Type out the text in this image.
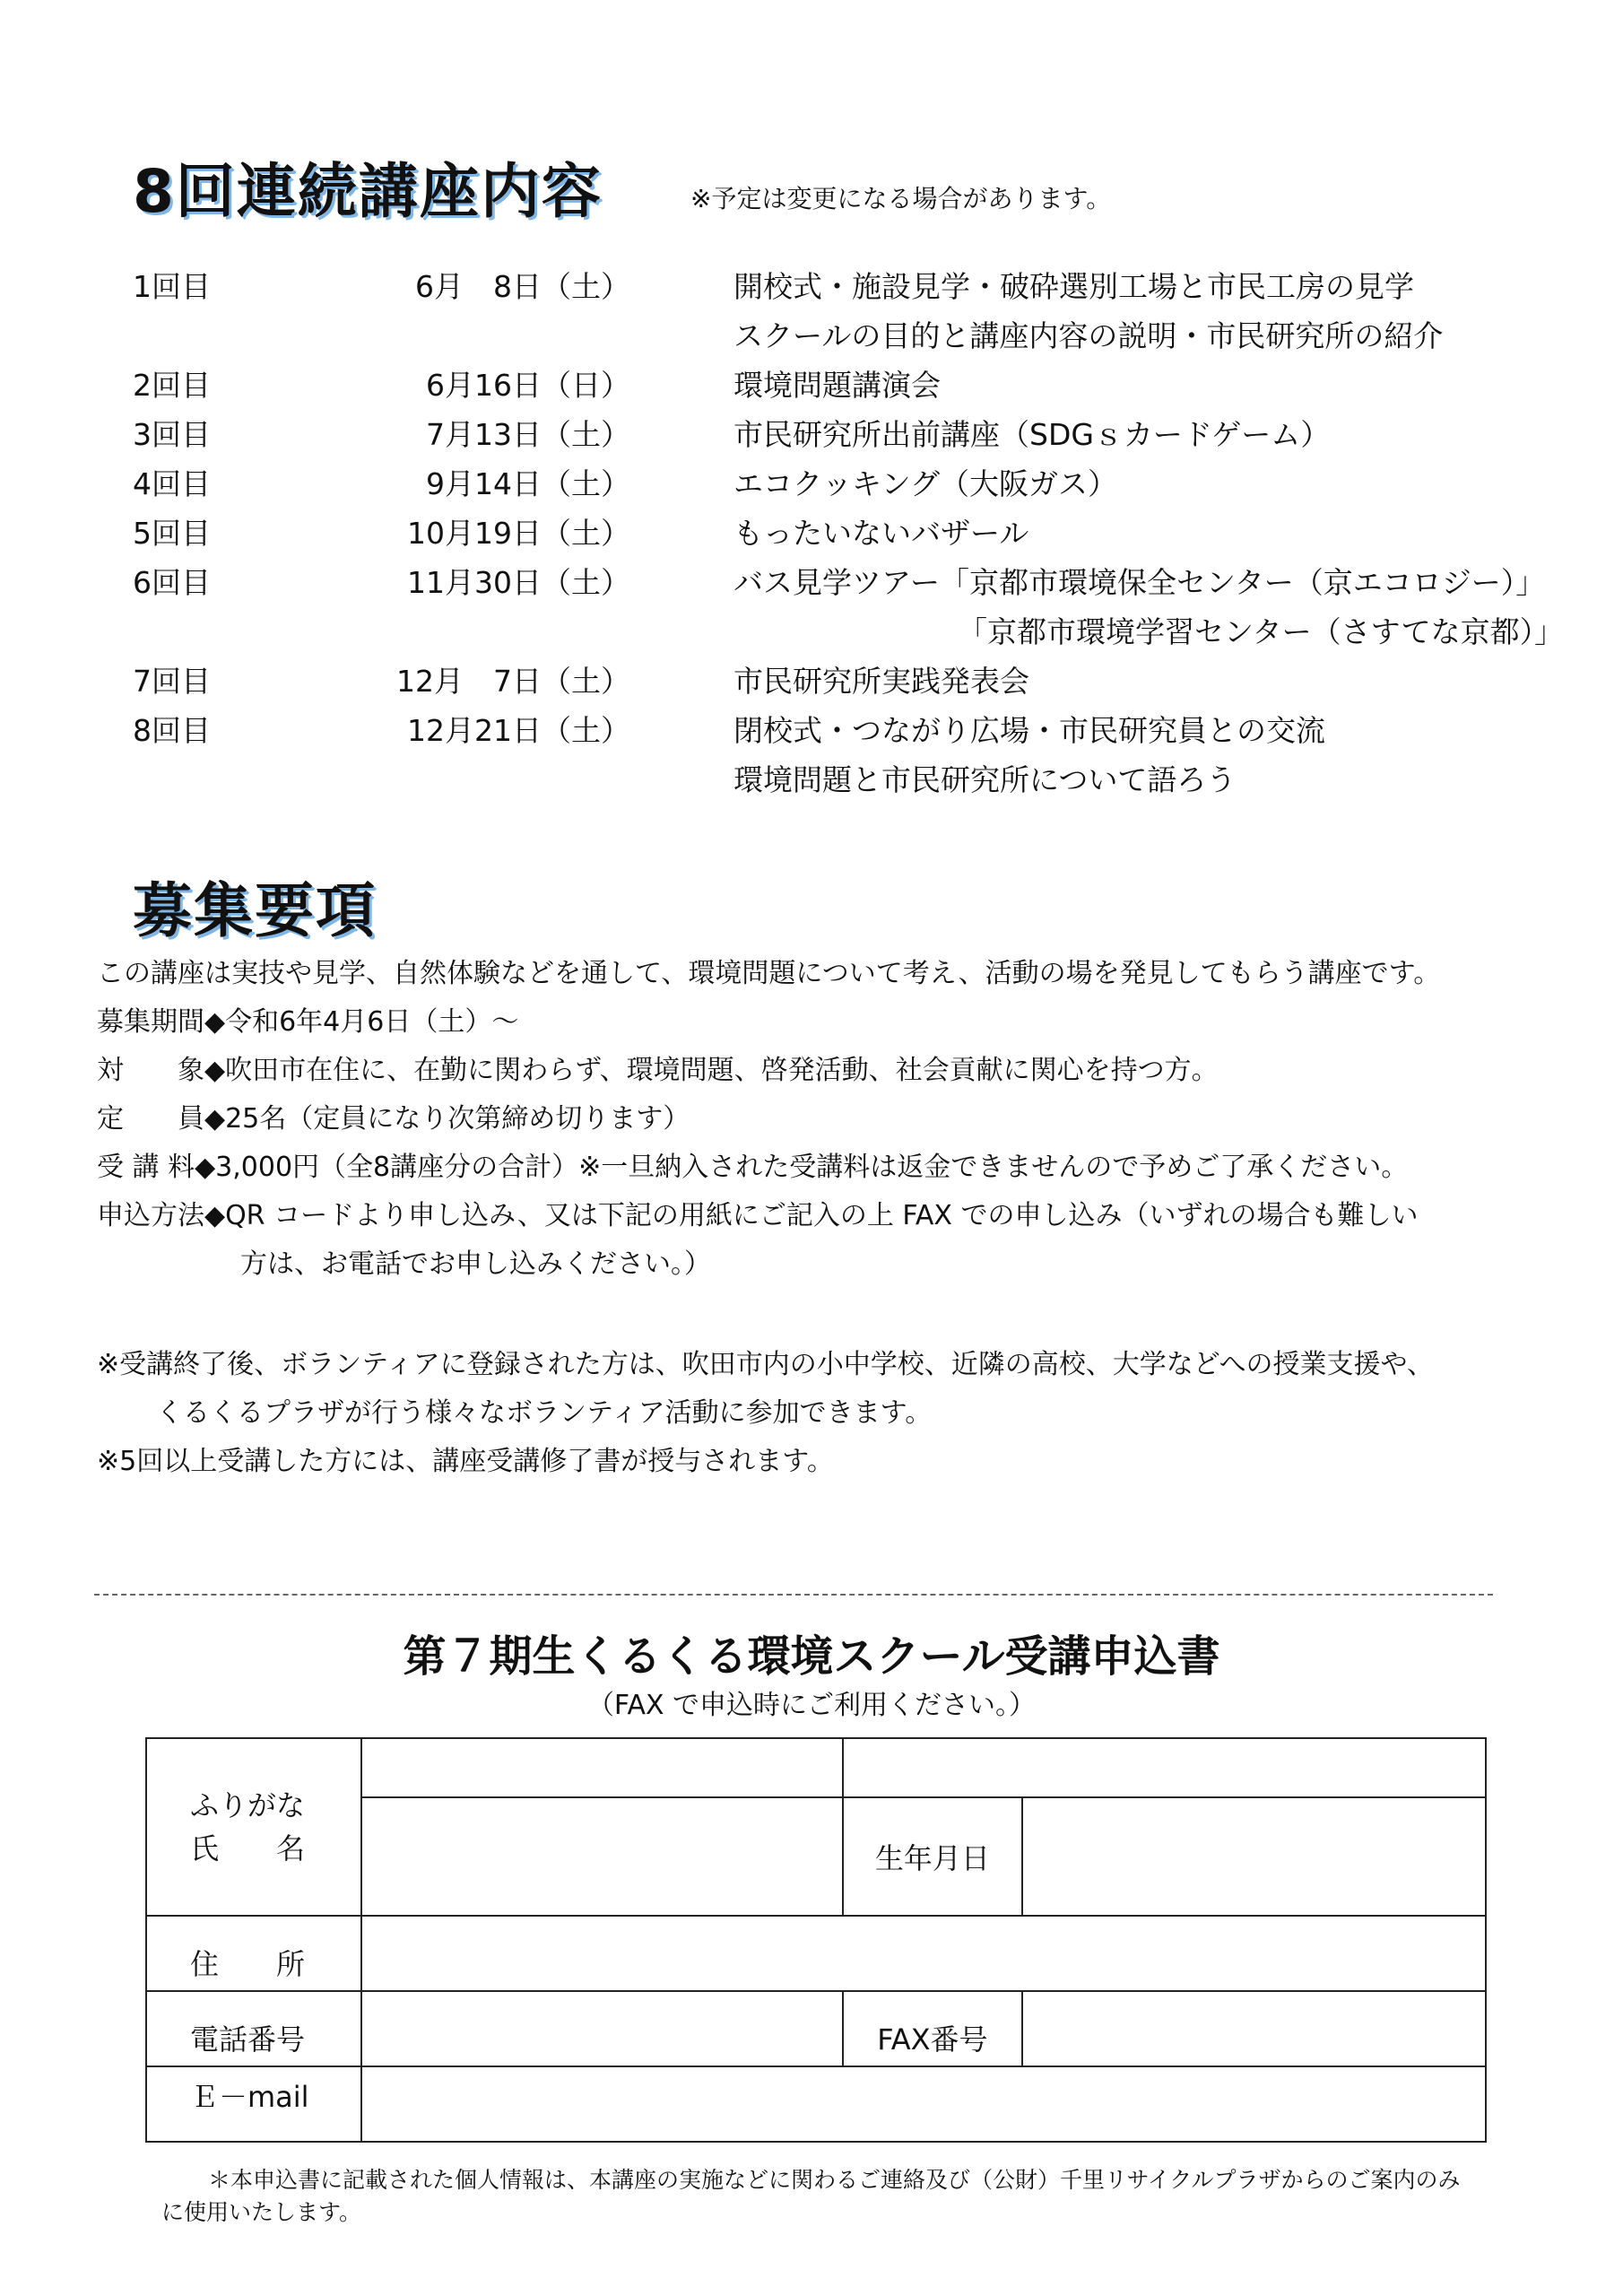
8回連続講座内容	※予定は変更になる場合があります。
1回目	6月　8日（土）	開校式・施設見学・破砕選別工場と市民工房の見学
スクールの目的と講座内容の説明・市民研究所の紹介
2回目	6月16日（日）	環境問題講演会
3回目	7月13日（土）	市民研究所出前講座（SDGｓカードゲーム）
4回目	9月14日（土）	エコクッキング（大阪ガス）
5回目	10月19日（土）	もったいないバザール
6回目	11月30日（土）	バス見学ツアー「京都市環境保全センター（京エコロジー）」
「京都市環境学習センター（さすてな京都）」
7回目	12月　7日（土）	市民研究所実践発表会
8回目	12月21日（土）	閉校式・つながり広場・市民研究員との交流
環境問題と市民研究所について語ろう
募集要項
この講座は実技や見学、自然体験などを通して、環境問題について考え、活動の場を発見してもらう講座です。
募集期間◆令和6年4月6日（土）～
対　　象◆吹田市在住に、在勤に関わらず、環境問題、啓発活動、社会貢献に関心を持つ方。
定　　員◆25名（定員になり次第締め切ります）
受 講 料◆3,000円（全8講座分の合計）※一旦納入された受講料は返金できませんので予めご了承ください。
申込方法◆QR コードより申し込み、又は下記の用紙にご記入の上 FAX での申し込み（いずれの場合も難しい
方は、お電話でお申し込みください。）
※受講終了後、ボランティアに登録された方は、吹田市内の小中学校、近隣の高校、大学などへの授業支援や、
くるくるプラザが行う様々なボランティア活動に参加できます。
※5回以上受講した方には、講座受講修了書が授与されます。
第７期生くるくる環境スクール受講申込書
（FAX で申込時にご利用ください。）
ふりがな
氏　　名			

		生年月日	
住　　所			
電話番号		FAX番号	
Ｅ－mail			
＊本申込書に記載された個人情報は、本講座の実施などに関わるご連絡及び（公財）千里リサイクルプラザからのご案内のみ
に使用いたします。
